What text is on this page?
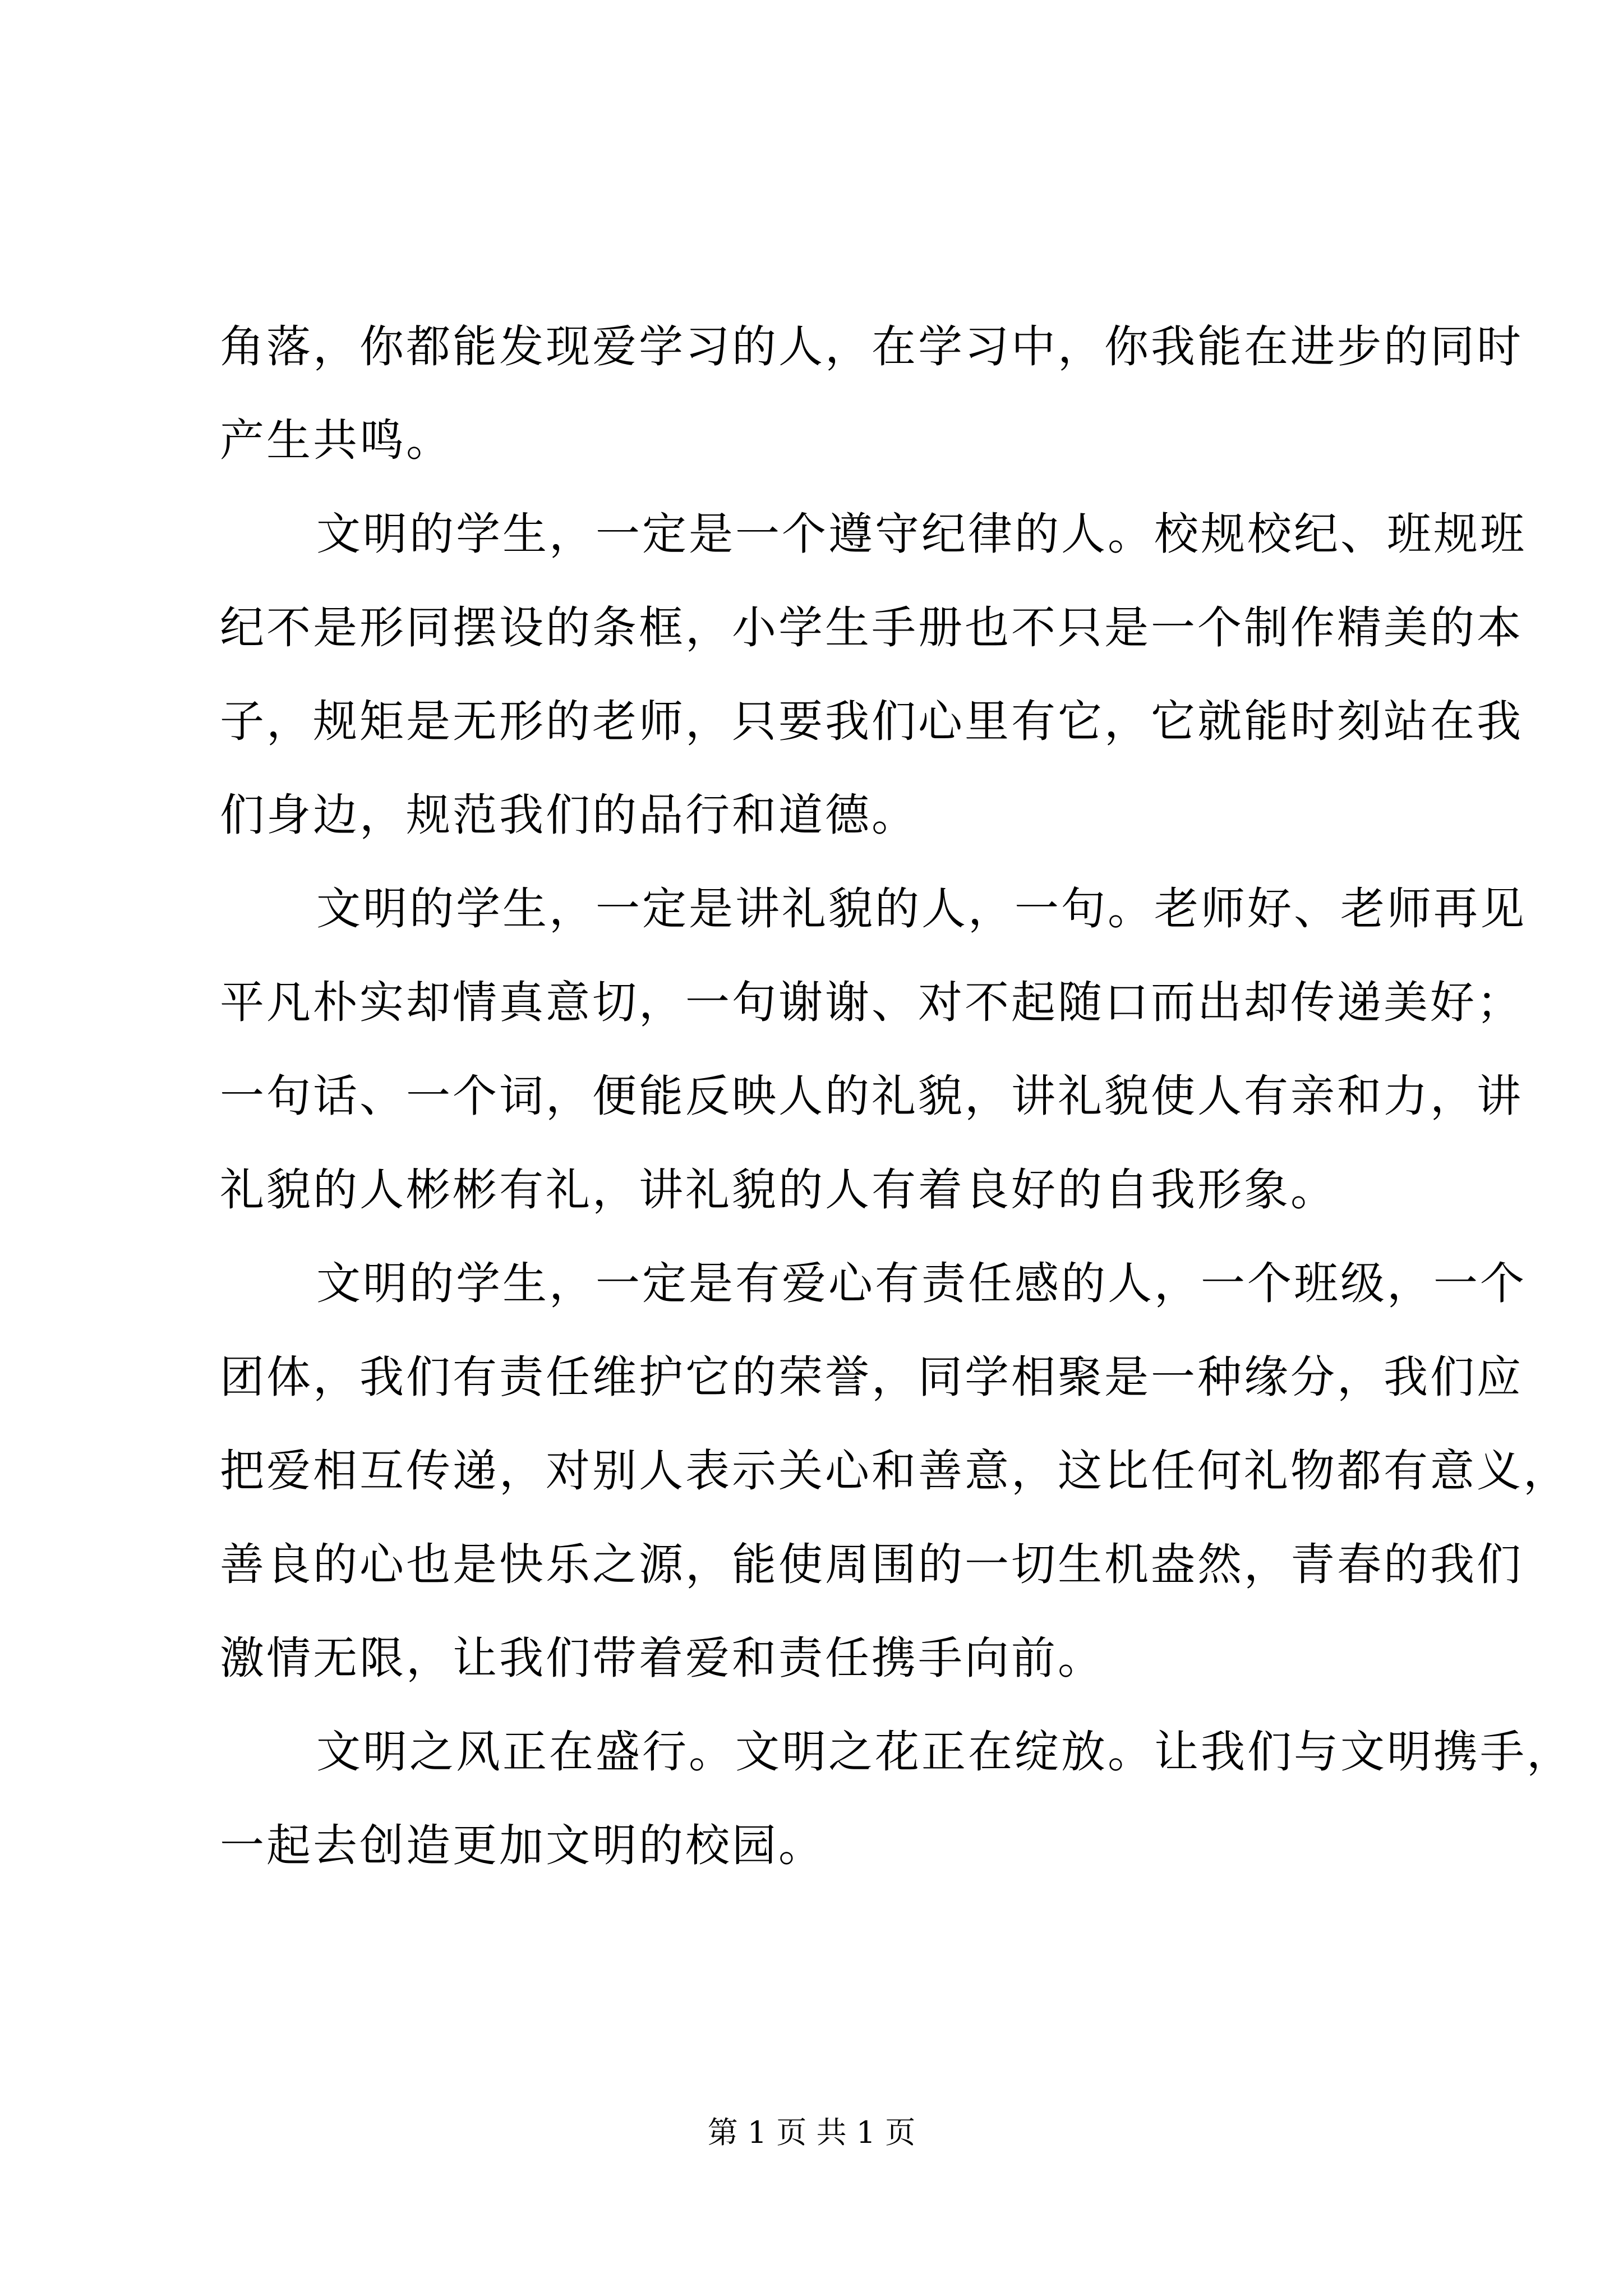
角落，你都能发现爱学习的人，在学习中，你我能在进步的同时
产生共鸣。
文明的学生，一定是一个遵守纪律的人。校规校纪、班规班
纪不是形同摆设的条框，小学生手册也不只是一个制作精美的本
子，规矩是无形的老师，只要我们心里有它，它就能时刻站在我
们身边，规范我们的品行和道德。
文明的学生，一定是讲礼貌的人，一句。老师好、老师再见
平凡朴实却情真意切，一句谢谢、对不起随口而出却传递美好；
一句话、一个词，便能反映人的礼貌，讲礼貌使人有亲和力，讲
礼貌的人彬彬有礼，讲礼貌的人有着良好的自我形象。
文明的学生，一定是有爱心有责任感的人，一个班级，一个
团体，我们有责任维护它的荣誉，同学相聚是一种缘分，我们应
把爱相互传递，对别人表示关心和善意，这比任何礼物都有意义，
善良的心也是快乐之源，能使周围的一切生机盎然，青春的我们
激情无限，让我们带着爱和责任携手向前。
文明之风正在盛行。文明之花正在绽放。让我们与文明携手，
一起去创造更加文明的校园。
第 1 页 共 1 页
